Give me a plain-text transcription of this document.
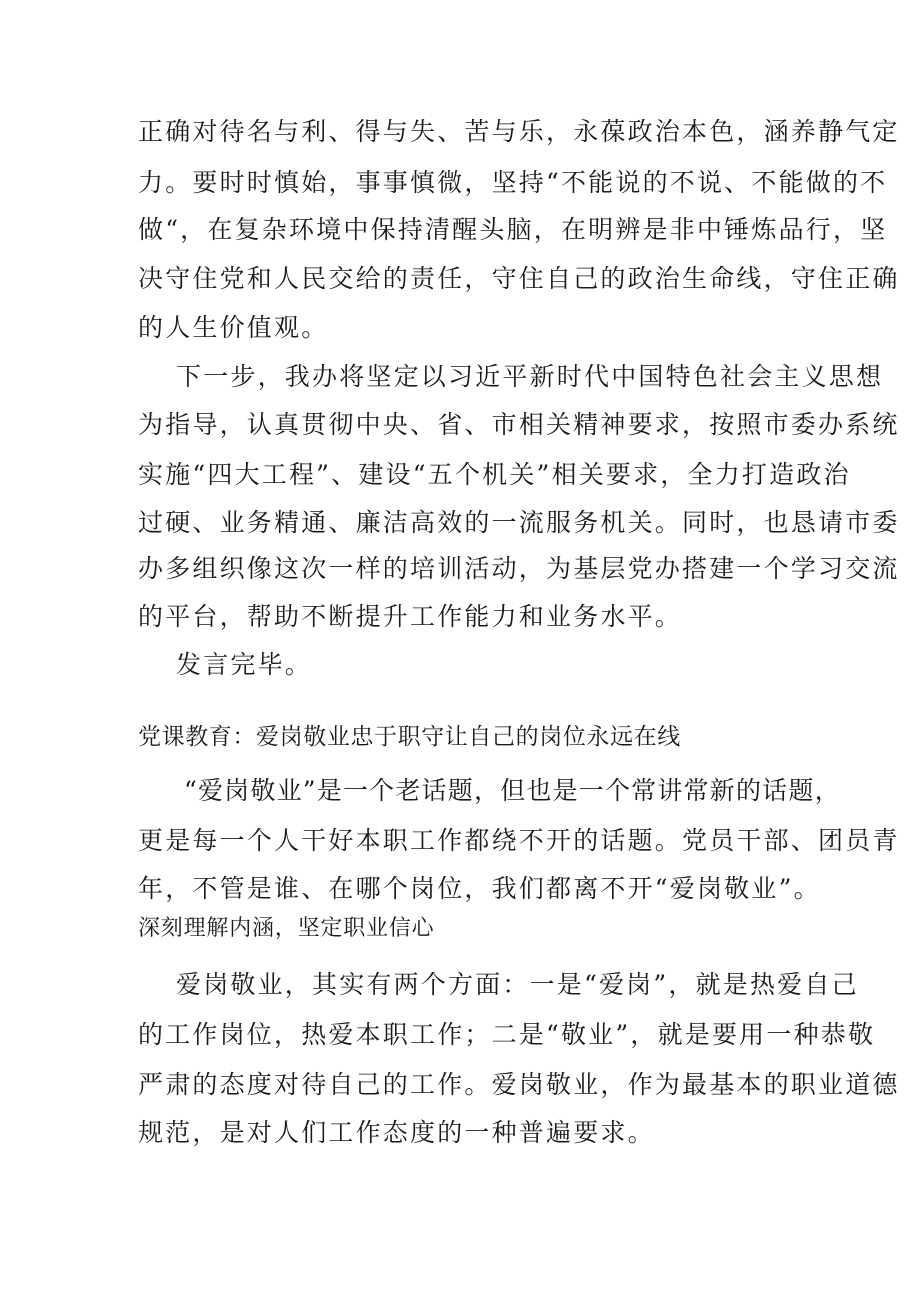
正确对待名与利、得与失、苦与乐，永葆政治本色，涵养静气定
力。要时时慎始，事事慎微，坚持“不能说的不说、不能做的不
做“，在复杂环境中保持清醒头脑，在明辨是非中锤炼品行，坚
决守住党和人民交给的责任，守住自己的政治生命线，守住正确
的人生价值观。
下一步，我办将坚定以习近平新时代中国特色社会主义思想
为指导，认真贯彻中央、省、市相关精神要求，按照市委办系统
实施“四大工程”、建设“五个机关”相关要求，全力打造政治
过硬、业务精通、廉洁高效的一流服务机关。同时，也恳请市委
办多组织像这次一样的培训活动，为基层党办搭建一个学习交流
的平台，帮助不断提升工作能力和业务水平。
发言完毕。
党课教育：爱岗敬业忠于职守让自己的岗位永远在线
“爱岗敬业”是一个老话题，但也是一个常讲常新的话题，
更是每一个人干好本职工作都绕不开的话题。党员干部、团员青
年，不管是谁、在哪个岗位，我们都离不开“爱岗敬业”。
深刻理解内涵，坚定职业信心
爱岗敬业，其实有两个方面：一是“爱岗”，就是热爱自己
的工作岗位，热爱本职工作；二是“敬业”，就是要用一种恭敬
严肃的态度对待自己的工作。爱岗敬业，作为最基本的职业道德
规范，是对人们工作态度的一种普遍要求。
